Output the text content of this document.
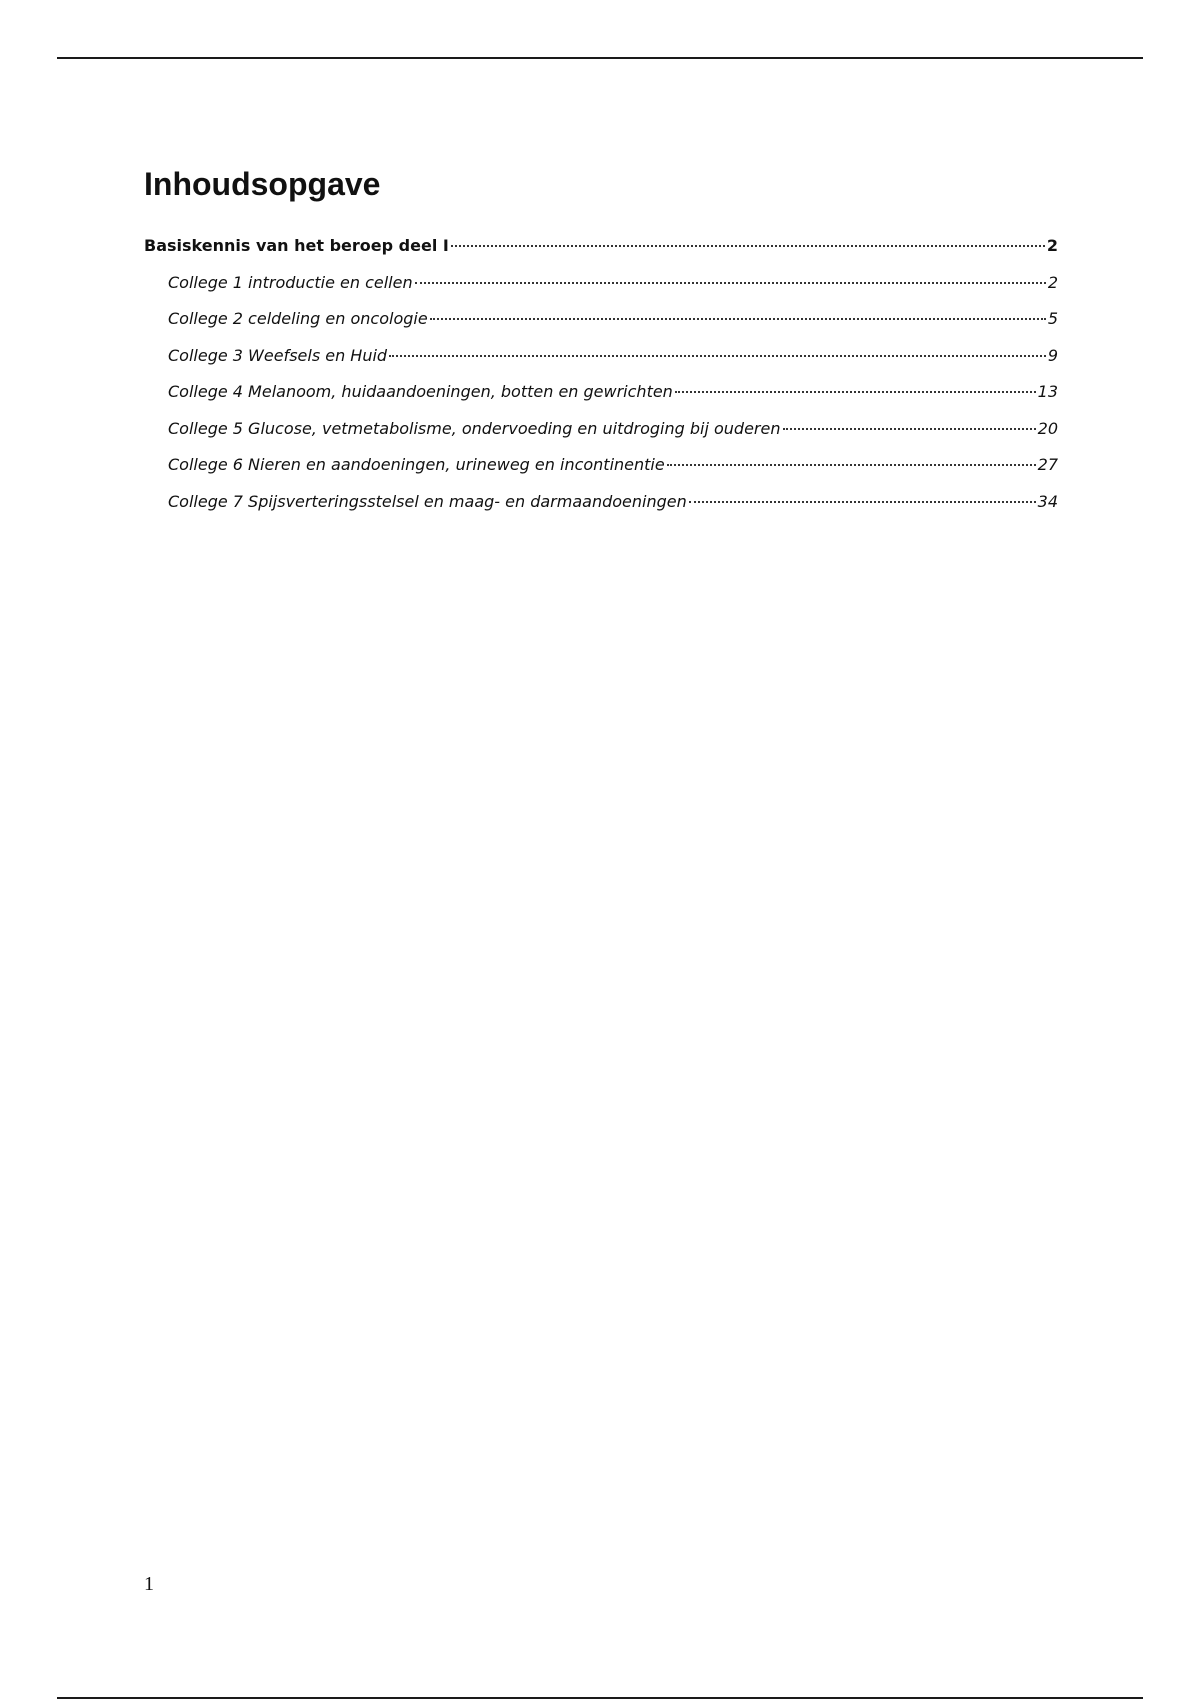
Inhoudsopgave
Basiskennis van het beroep deel I	2
College 1 introductie en cellen	2
College 2 celdeling en oncologie	5
College 3 Weefsels en Huid	9
College 4 Melanoom, huidaandoeningen, botten en gewrichten	13
College 5 Glucose, vetmetabolisme, ondervoeding en uitdroging bij ouderen	20
College 6 Nieren en aandoeningen, urineweg en incontinentie	27
College 7 Spijsverteringsstelsel en maag- en darmaandoeningen	34
1
